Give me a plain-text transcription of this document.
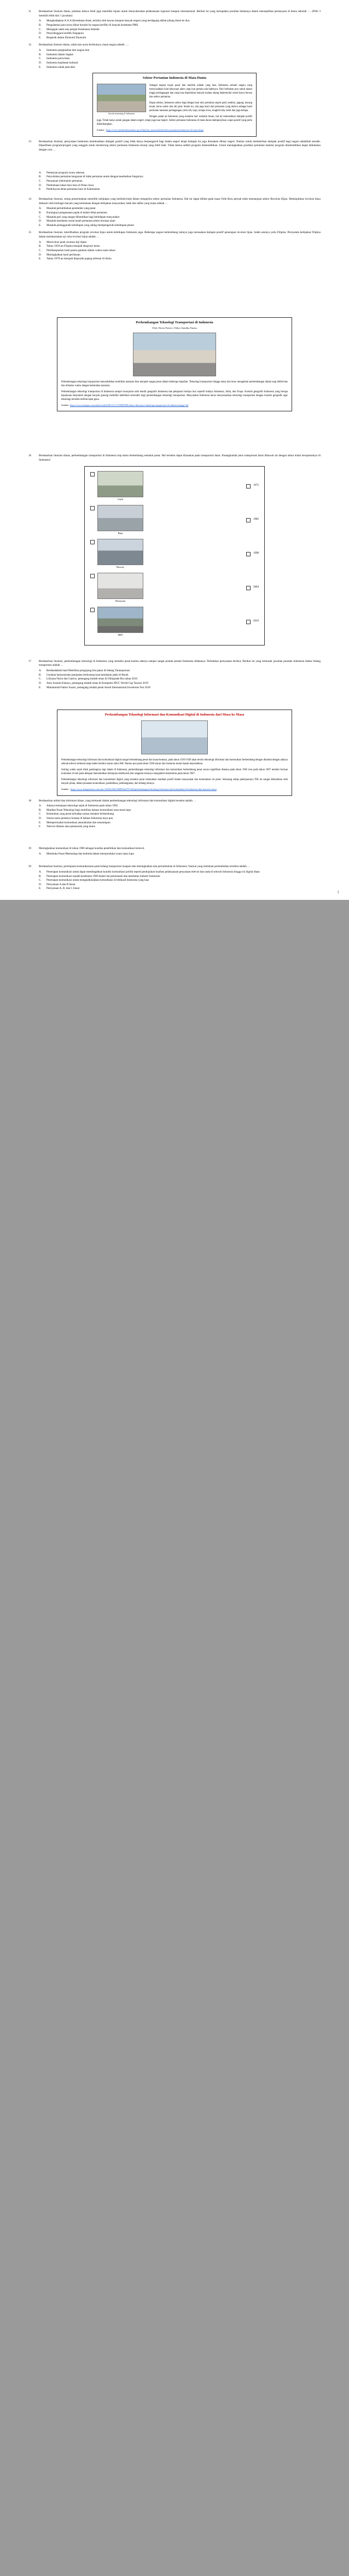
11	Berdasarkan ilustrasi diatas, jelaskan bahwa Andi juga memiliki tujuan untuk menyukseskan pelaksanaan regional maupun internasional. Berikut ini yang merupakan jawaban bahannya dalam mensuplikan pertanyaan di dunia sekolah …. (Pilih 3 memilih lebih dari 1 jawaban)
A.	Menghadapkan A.A.A (Kesehatan Anak, terlalu) oleh kawan maupun banyak negara yang berdagang akibat pilang dunia ke dua.
B.	Pengalaman para siswa Ikbar keyakit ke negara berfikir di banyak kesehatan PMS
C.	Mengajak salah satu pelajar Kesehatan Sebelah
D.	Penyelenggara konflik Singapura
E.	Bergerak dalam Ekonomi Ekonomi
12	Berdasarkan ilustrasi diatas, salah satu acara berikutnya, mana negara adalah ….
A.	Indonesia penghasilan dari negara lain
B.	Indonesia dalam tingkat
C.	Indonesia pariwisata
D.	Indonesia kejahatan kultural
E.	Indonesia untuk pencahar
Sektor Pertanian Indonesia di Mata Dunia
Sawah terasering di Indonesia

Sebagai negara tropis pasar dan maritim adalah yang luas, Indonesia sebuah negara yang menyusahkan kuat kekayaan alam yang luas pertain ada habisnya. Dari berbahan pun untuk tanam tinggi perdagangan dan yang luas diperlukan banyak suahan udang dalamnnilai sosial karya kerusa dan sektor pertanian.

Dapat sekitar, Indonesia sektor bagi dengan hasi dari pertanian sepert padi, kedelai, jagung, kacang tanah, beras untuk dan ubi jalar. Selain itu, ada juga hasil dari pertanian yang mahcu sebagai hasil pertanian tanaman perdagangan yaitu teh, kopi, kelapa sirsa, sengkih lada, kelat dan juga kelapa.

Dengan padat an Indonesia yang semakin hari semakin besan, hal ini memastikan dampak positif juga. Tidak hanya untuk pangan dalam negeri, tetapi juga luar negeri. Sektor pertanian Indonesia di mata dunia mempunyikan wajan positif yang perlu dikembangkan.

Sumber : https://www.modalrakyatmikzo.go.id/tips/hai_measn/detail/sektor-pertanian-indonesia-di-mata-dunia
13	Berdasarkan ilustrasi, pernyataan Indonesia membuahkan dampak positif yang tidak hanya berpengaruh bagi dalam negeri tetapi dampak itu juga dirasakan dibuar negeri. Namun untuk memberikan dampak positif bagi negara adalahlah sesalah. Diperlihatn program/progam yang sanggah untuk mendorong sektor pertanian Indonesia kiranji yang lebih baik. Tidak semua sedikit program diselenditikan. Untuk meningkatkan produksi pertanian melalui program diselenditikan dapat didudukan dengan cara …
A.	Pemerjuat program swara sekeran
B.	Penyuluhan pertanian bangunan di tidak pertanian untuk dengan kesebutkan fungsinya
C.	Penunjuan indomainis pertanian
D.	Pembuhaan lahan baru baru di Pulau Jawa
E.	Pembinyuat lahan pertanian baru di Kalimantan
14	Berdasarkan ilustrasi, setiap pemerintahan memiliki kebijakan yang berbeda-beda dalam mengelola sektor pertanian Indonesia. Hal ini dapat dilihat pada masa Orde Baru pernah telah memanjuan sektor Revolusi Hijau. Meskipuhkan revolusi hijau dedasari oleh berbagai macam yang kerkukaan dengan kebijakan masyarakat, hakk dan daftar yang mana adalah …
A.	Masalah pertumbuhan penduduk yang pesat
B.	Kurangnya pengeanaan pajak di dalam bihat pertanian
C.	Masalah pari yang sangat dibutuhkan bagi kehidupan masyarakat
D.	Masalah kesehatan sosial tanah pertanian sektor kerusaa alam
E.	Masalah pelanggaraik kehidupan yang saling mempengaruhi kehidupan petani
15	Berdasarkan ilustrasi, keterlibatkan program revolusi hijau untuk kehidupan Indonesia juga. Beberapa negara berkembang lainnya juga merasakan dampak positif penerapan revolusi hijau. Salah satunya yaitu Filipina. Pernyatala kebijakan Filipina dalam melaksanakan uji coba revolusi hijau adalah …
A.	Merevolusi jarak recamar biji dijam
B.	Tahun 1950-an Filipina menjadi eksporsir beras
C.	Pelitihanjankan hasil panen gandum dalam waktu suatu tahun
D.	Meningkatkan hasil perikanan
E.	Tahun 1970-an menjadi disporaik pajang terbesar di dunia
Perkembangan Teknologi Transportasi di Indonesia
Oleh: Derria Pratiwi | Editor Sandika Darma

Perkembangan teknologi transportasi menyebabkan mobilitas manusia bisa menjadi sangat pesat dalam beberapa kejadian. Teknologi transportasi hingga masa kini terus mengalami perkembangan dalam segi efektivitas dan efisiensi waktu dengan kebutuhan manusia.

Perkembangan teknologi transportasi di Indonesia sampai kwanjurun nabi kendir geografis Indonesia dan pelapisari budaya luar sepertil budaya Indonesia, India, dan Eropa. Kondisi geografis Indonesia yang berupa kepulauan berjumlah dengan banyak gunung memiliki kelebihan tersendiri bagi perkembangan teknologi transportasi. Masyarakat Indonesia harus menyesuaikan teknologi transportasi dengan kondisi geografis agar teknologi tersebut terlihat tepat guna.

Sumber: https://www.kompas.com/skola/read/2020/12/11/193000369/sektor-ilmi-juari-teknologi-transportasi-di-indonesia?page=all
16	Berdasarkan ilustrasi diatas, perkembangan transportasi di Indonesia tiap tahun berkembang semakin pesat. Hal tersebut dapat dirasakan pada transportasi darat. Pasangkanlah jenis transportasi darat dibawah ini dengan tahun mulai beroperasinya di Indonesia!
Gojek
1975
Bajaj
1982
Busway
1998
Metromini
2004
MRT
2019
17	Berdasarkan ilustrasi, perkembangan teknologi di Indonesia yang semakin pesat karena adanya sampai sangat pontak pernah Indonesia didatanya. Perhatikan pernyataan berikut, Berikut ini yang termasuk jawaban pontadu Indonesia dalam bidang transportasi adalah …
A.	Berdeadaklah hasil Mobilitas pengujung bisi pakai di bidang Taransportasi
B.	Gerakan harmonisaku penjualan berkonsep kuat kesehatan jakla di Berab.
C.	Lillyana Nurin dan Gatrice, pemegang medali emas di Olimpiade Rio tahun 2016
D.	Anto Suzanti Kahayu, pemegang medali emas di Kompetisi IPCC World Cup Taurosi 2019
E.	Muhammad Fathur Suzari, pemegang medali perak Asesil Internasional Inventions Fair 2018
Perkembangan Teknologi Informasi dan Komunikasi Digital di Indonesia dari Masa ke Masa

Perkembangan teknologi informasi dan komunikasi digital sangat berkembang pesat dari masa-kemasa, pada tahun 1910-1920 akan terulis teknologi informasi dan komunikasi berkembang dengan ditandai dengan adanya sebuah televisi terkenal tanpa kabel melalui siaran radio AM. Namun pun pada tahun 1940 siaran dari menarun mulai masuk keportahkan.

Seiring waktu sejak tidak pasilangnya lagi dalam di Indonesia, perkembangan teknologi informasi dan komunikasi berkembang pesat secara signifikan dimana pada tahun 1962 turu pada tahun 1967 melalui berisan komunias di mul pada delapan menentuhkan kemajuan stabilsosik dari sangatan tersunya mengalami ekstremitas pada tahun 1907.

Perkembangan teknologi informasi dan komunikasi digital yang semakin pesat melaukkan manfaat positif dalam masyarakat dan komunikasi ini pesat. Sekarang setiap pekerjaannya TIK ini sangat dibutuhkan oleh banyak pihak, dalam penataan komunikasi, pendidikan, pembangunan, dan bidang lainnya.

Sumber : https://www.kompasiana.com/rafa.15633b/5b61668902ab79724ff/perkembangan-teknologi-informasi-dan-komunikasi-di-indonesia-dari-masa-ke-masa
18	Berdasarkan artikel dan informasi diatas, yang termasuk dalam perkembangan teknologi informasi dan komunikasi digital tersebut adalah …
A.	Adanya kemajuan teknologi sejak di Indonesia pada tahun 1962
B.	Manfaat Pusat Teknologi bagi mobilitas bahasa komunikasi usaa-masa lupa
C.	Kebutuhan yang pesat terhadap sarana semakin berkembang
D.	Siaran-suara jaraknya konsep di bahasa Indonesia kaya pun
E.	Mempermudah komunikasi antarakrabat dan senantiapun
F.	Televisi diakses atau pemasarah yang dunia
19	Meningkatkan komunikasi di tahun 1900 sebagai kondisa penelitikan dan komunikasi tersevol.
A.	Membuka Pusat Mentuskap dan berbeda dalam mereproduksi suatu masa lupa
20	Berdasarkan ilustrasi, perempuan komunikasiaan pada bidang transportasi maupun dan meningkatkan dan pertumbuhan di Indonesia. Namun yang membuat pertumbuhan tersebut adalah …
A.	Penerapan komunikasi untuk dapat membegahkan kondisi komunikasi politik seperti penhujukan kualitas pelaksanaan penyataan televisi dan nada di seluruh Indonesia hingga ini digital dlaan
B.	Penerapan komunikasi sejalah kesehatan 1900 dalam hal pemintaani dan kesehatan industri Indonesia
C.	Penerapan komunikasi untuk mengkalkulaijkan kemudinasi di lebihasil Indonesia yang luas
D.	Pernyataan A dan B benar
E.	Pernyataan A, B, dan C benar
2
